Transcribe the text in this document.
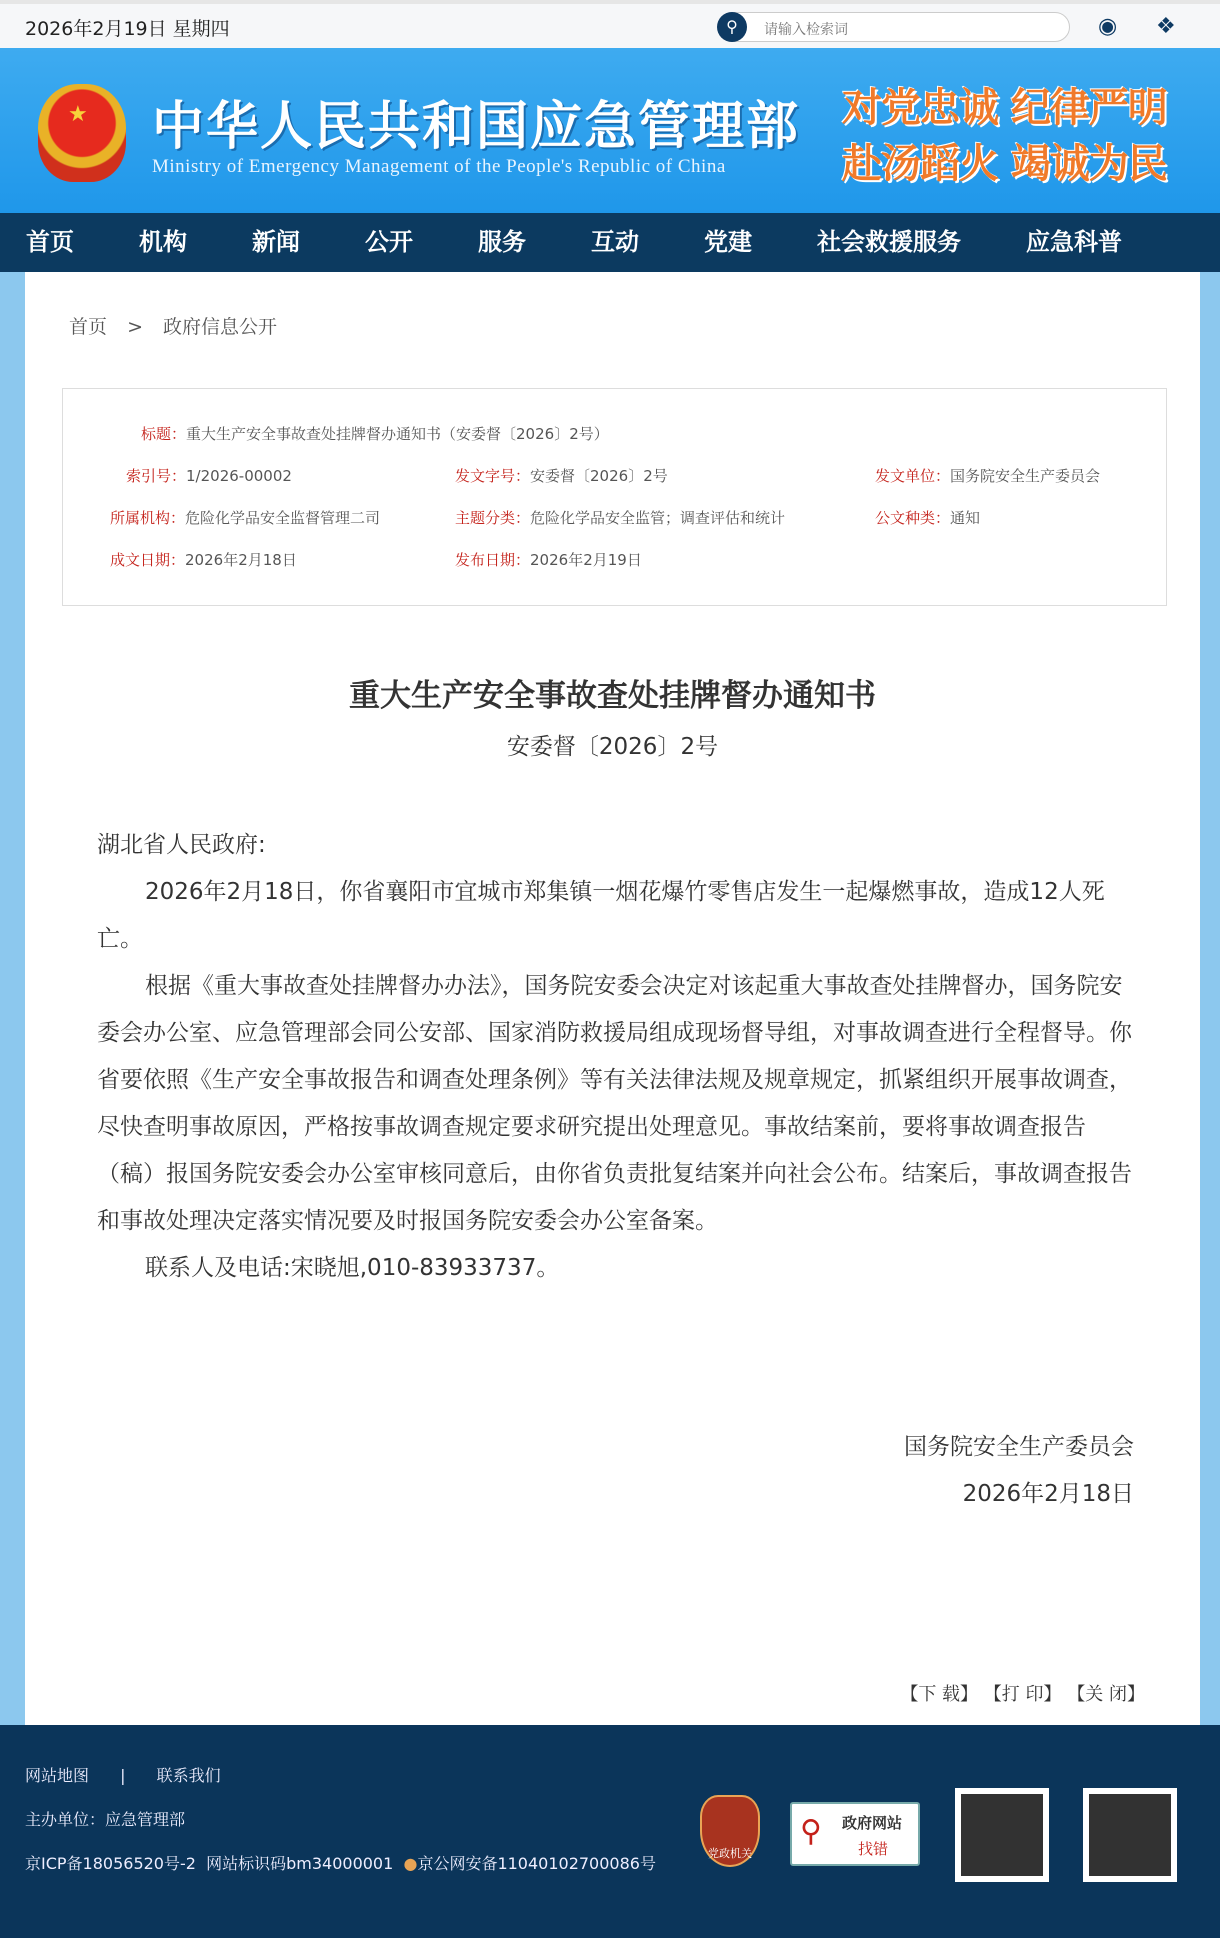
2026年2月19日 星期四	⚲	请输入检索词	◉ ❖
★ 中华人民共和国应急管理部
Ministry of Emergency Management of the People's Republic of China
对党忠诚 纪律严明
赴汤蹈火 竭诚为民
首页	机构	新闻	公开	服务	互动	党建	社会救援服务	应急科普
首页 > 政府信息公开
标题：重大生产安全事故查处挂牌督办通知书（安委督〔2026〕2号）
索引号：1/2026-00002	发文字号：安委督〔2026〕2号	发文单位：国务院安全生产委员会
所属机构：危险化学品安全监督管理二司	主题分类：危险化学品安全监管；调查评估和统计	公文种类：通知
成文日期：2026年2月18日	发布日期：2026年2月19日
重大生产安全事故查处挂牌督办通知书
安委督〔2026〕2号

湖北省人民政府:

2026年2月18日，你省襄阳市宜城市郑集镇一烟花爆竹零售店发生一起爆燃事故，造成12人死亡。

根据《重大事故查处挂牌督办办法》，国务院安委会决定对该起重大事故查处挂牌督办，国务院安委会办公室、应急管理部会同公安部、国家消防救援局组成现场督导组，对事故调查进行全程督导。你省要依照《生产安全事故报告和调查处理条例》等有关法律法规及规章规定，抓紧组织开展事故调查，尽快查明事故原因，严格按事故调查规定要求研究提出处理意见。事故结案前，要将事故调查报告（稿）报国务院安委会办公室审核同意后，由你省负责批复结案并向社会公布。结案后，事故调查报告和事故处理决定落实情况要及时报国务院安委会办公室备案。

联系人及电话:宋晓旭,010-83933737。

国务院安全生产委员会
2026年2月18日
【下 载】 【打 印】 【关 闭】
网站地图 | 联系我们
主办单位：应急管理部
京ICP备18056520号-2 网站标识码bm34000001 ●京公网安备11040102700086号
党政机关
⚲ 政府网站
找错
